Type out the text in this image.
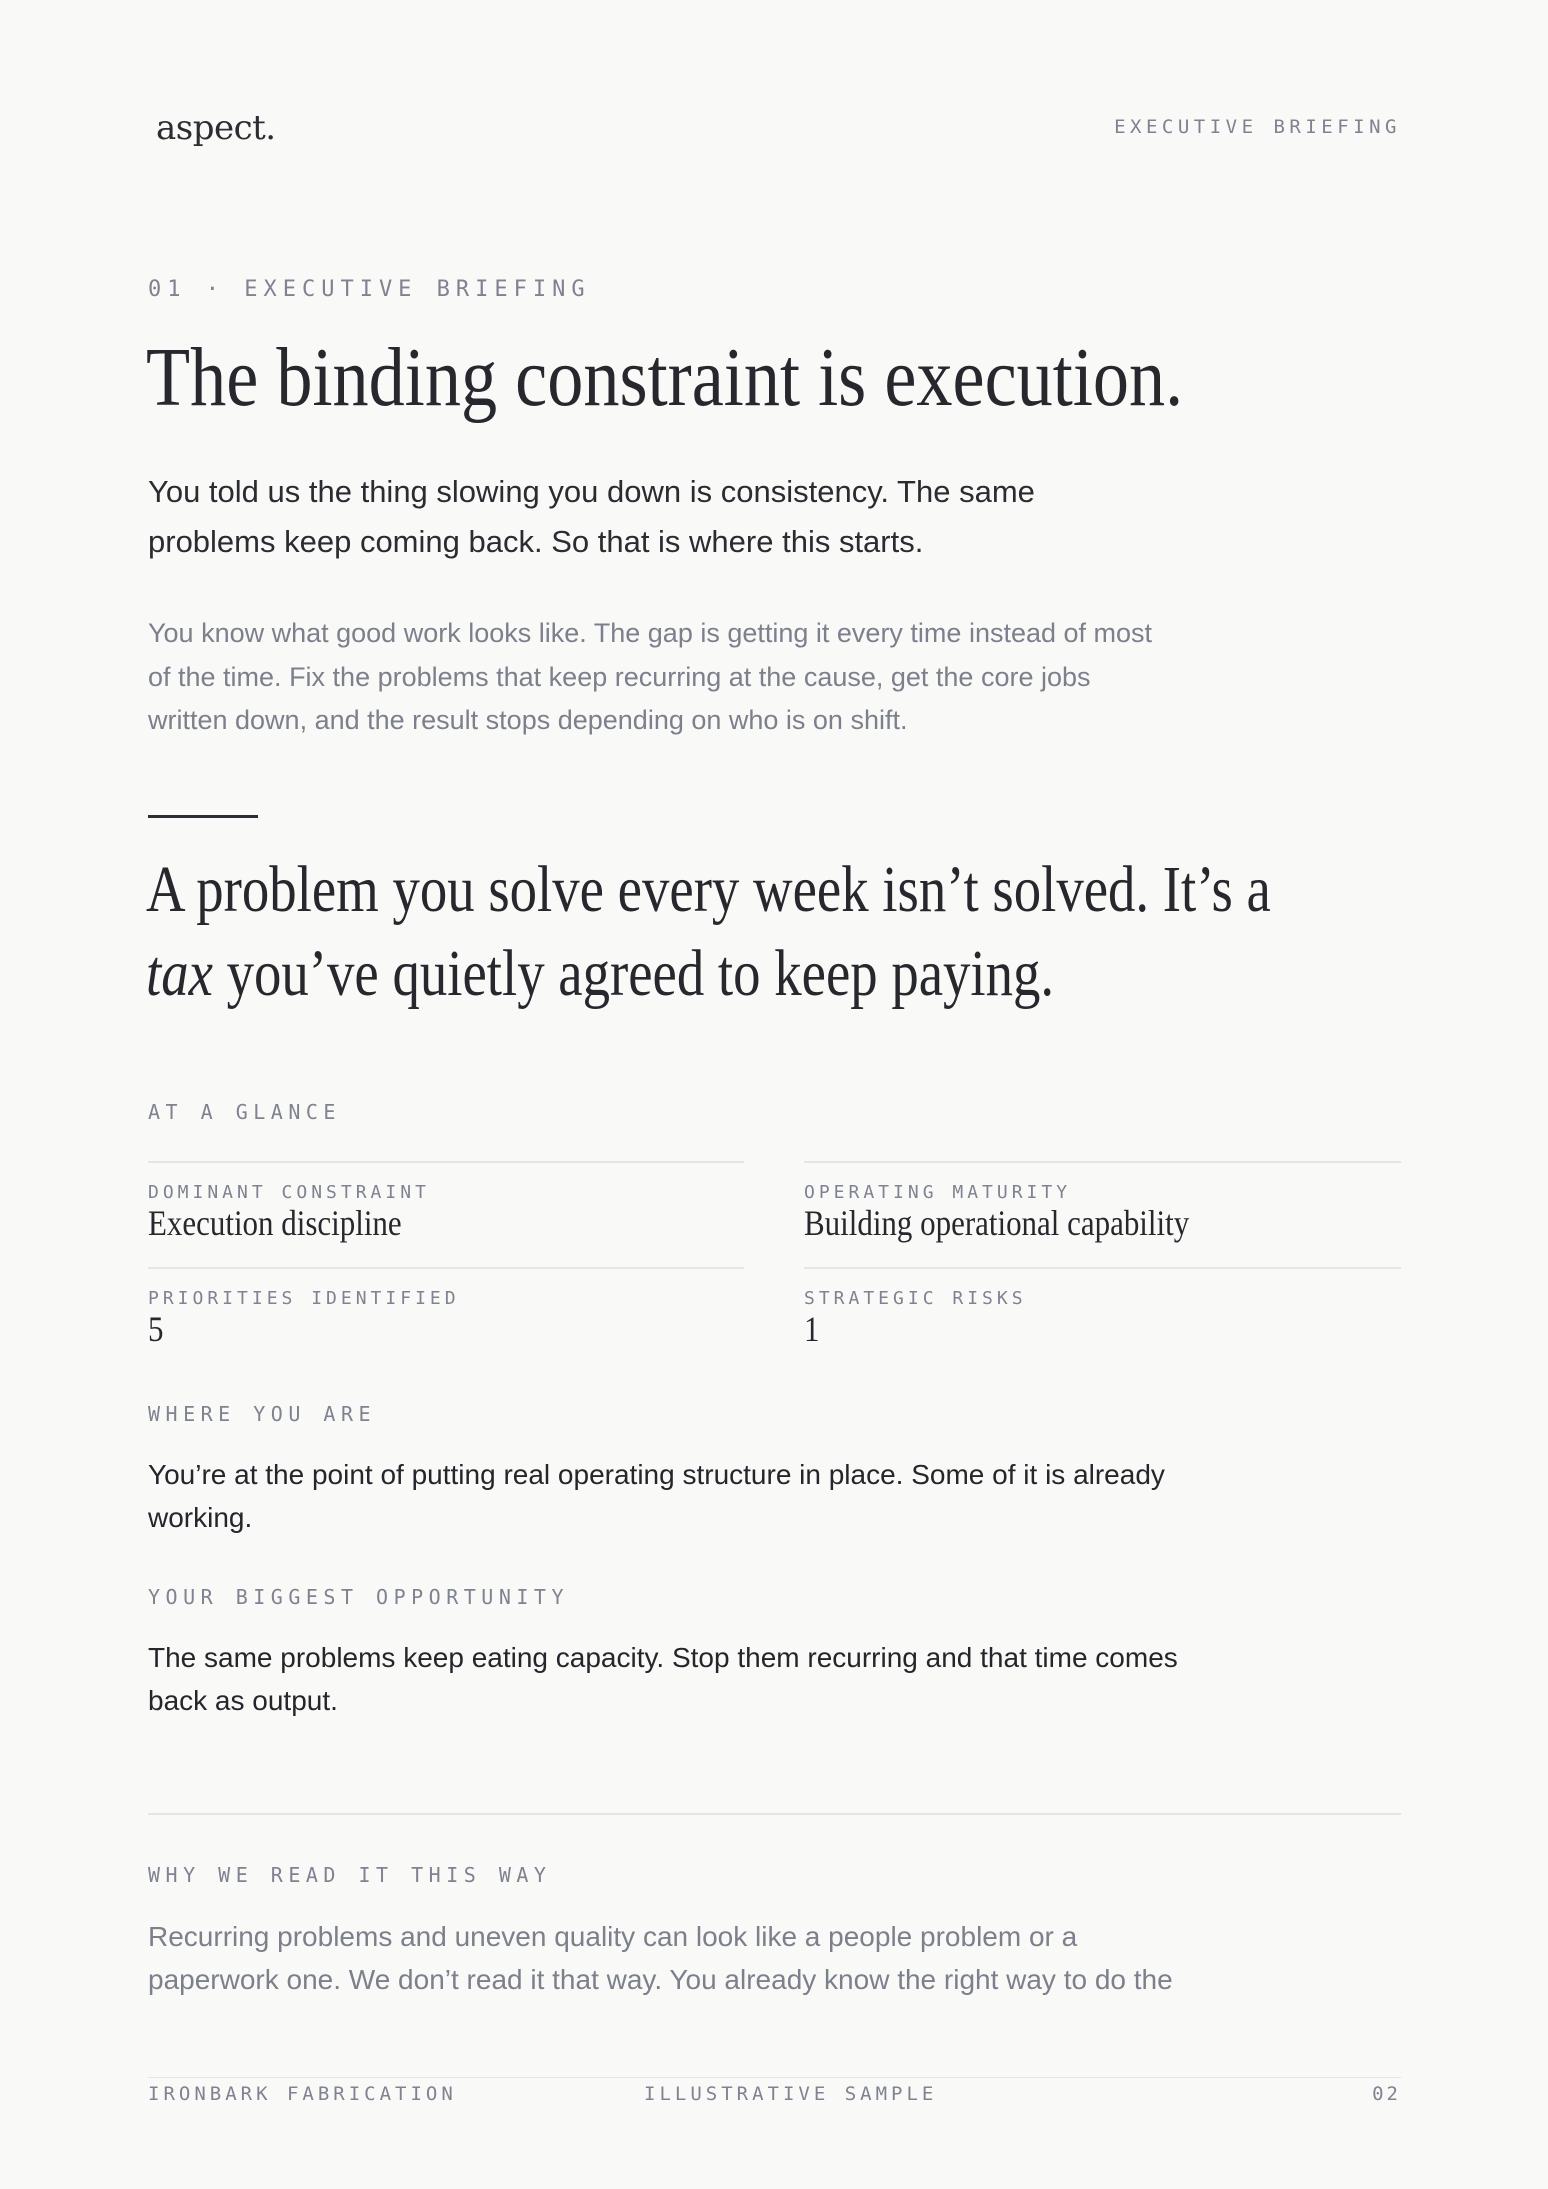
aspect.	EXECUTIVE BRIEFING
01 · EXECUTIVE BRIEFING
The binding constraint is execution.
You told us the thing slowing you down is consistency. The same
problems keep coming back. So that is where this starts.
You know what good work looks like. The gap is getting it every time instead of most
of the time. Fix the problems that keep recurring at the cause, get the core jobs
written down, and the result stops depending on who is on shift.
A problem you solve every week isn’t solved. It’s a
tax you’ve quietly agreed to keep paying.
AT A GLANCE
DOMINANT CONSTRAINT
Execution discipline
OPERATING MATURITY
Building operational capability
PRIORITIES IDENTIFIED
5
STRATEGIC RISKS
1
WHERE YOU ARE
You’re at the point of putting real operating structure in place. Some of it is already
working.
YOUR BIGGEST OPPORTUNITY
The same problems keep eating capacity. Stop them recurring and that time comes
back as output.
WHY WE READ IT THIS WAY
Recurring problems and uneven quality can look like a people problem or a
paperwork one. We don’t read it that way. You already know the right way to do the
IRONBARK FABRICATION	ILLUSTRATIVE SAMPLE	02
